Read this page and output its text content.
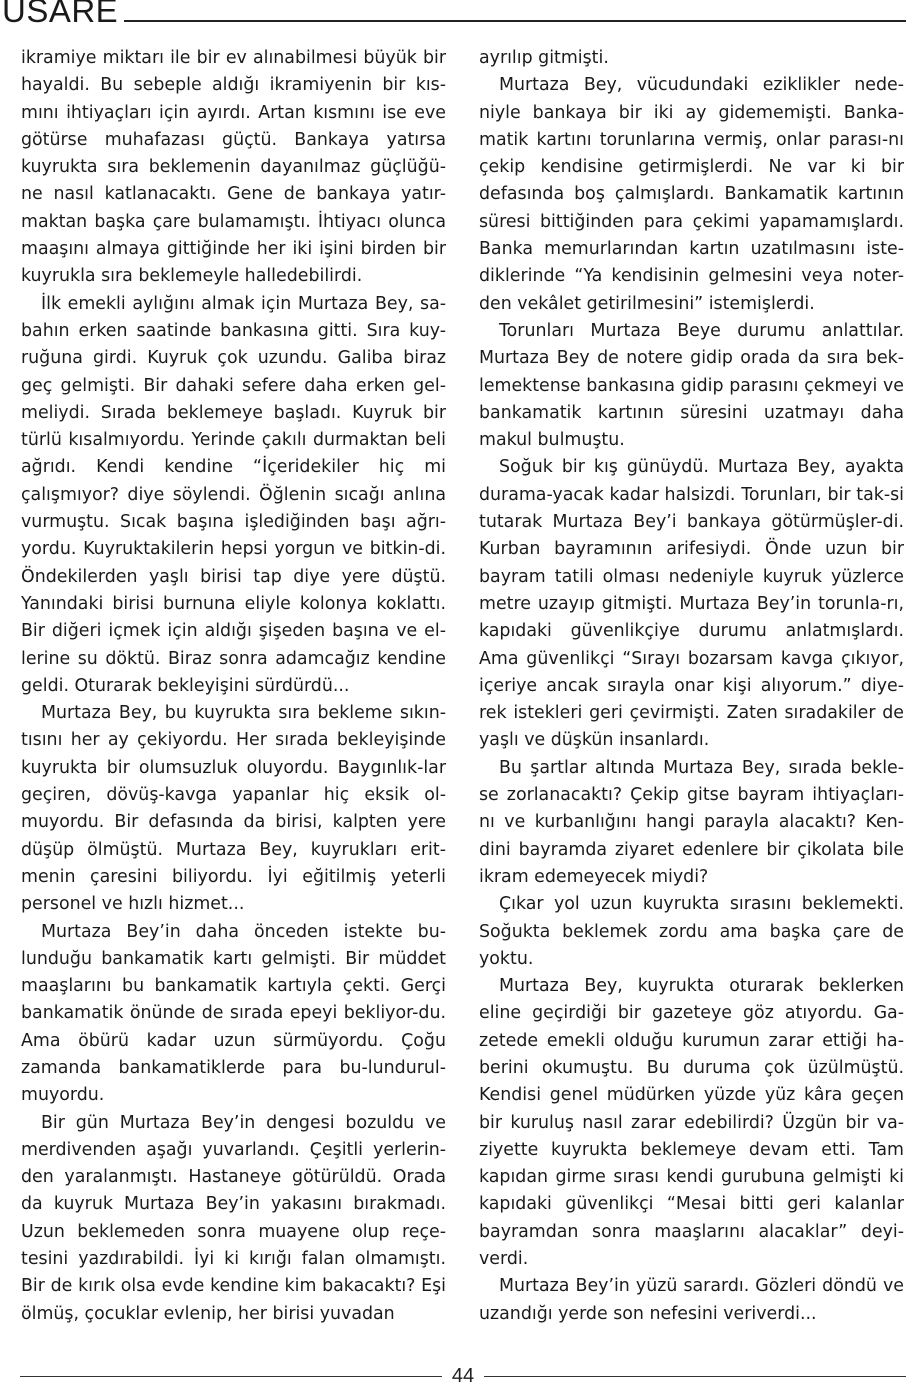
USARE

ikramiye miktarı ile bir ev alınabilmesi büyük bir hayaldi. Bu sebeple aldığı ikramiyenin bir kıs-mını ihtiyaçları için ayırdı. Artan kısmını ise eve götürse muhafazası güçtü. Bankaya yatırsa kuyrukta sıra beklemenin dayanılmaz güçlüğü-ne nasıl katlanacaktı. Gene de bankaya yatır-maktan başka çare bulamamıştı. İhtiyacı olunca maaşını almaya gittiğinde her iki işini birden bir kuyrukla sıra beklemeyle halledebilirdi.

İlk emekli aylığını almak için Murtaza Bey, sa-bahın erken saatinde bankasına gitti. Sıra kuy-ruğuna girdi. Kuyruk çok uzundu. Galiba biraz geç gelmişti. Bir dahaki sefere daha erken gel-meliydi. Sırada beklemeye başladı. Kuyruk bir türlü kısalmıyordu. Yerinde çakılı durmaktan beli ağrıdı. Kendi kendine “İçeridekiler hiç mi çalışmıyor? diye söylendi. Öğlenin sıcağı anlına vurmuştu. Sıcak başına işlediğinden başı ağrı-yordu. Kuyruktakilerin hepsi yorgun ve bitkin-di. Öndekilerden yaşlı birisi tap diye yere düştü. Yanındaki birisi burnuna eliyle kolonya koklattı. Bir diğeri içmek için aldığı şişeden başına ve el-lerine su döktü. Biraz sonra adamcağız kendine geldi. Oturarak bekleyişini sürdürdü...

Murtaza Bey, bu kuyrukta sıra bekleme sıkın-tısını her ay çekiyordu. Her sırada bekleyişinde kuyrukta bir olumsuzluk oluyordu. Baygınlık-lar geçiren, dövüş-kavga yapanlar hiç eksik ol-muyordu. Bir defasında da birisi, kalpten yere düşüp ölmüştü. Murtaza Bey, kuyrukları erit-menin çaresini biliyordu. İyi eğitilmiş yeterli personel ve hızlı hizmet...

Murtaza Bey’in daha önceden istekte bu-lunduğu bankamatik kartı gelmişti. Bir müddet maaşlarını bu bankamatik kartıyla çekti. Gerçi bankamatik önünde de sırada epeyi bekliyor-du. Ama öbürü kadar uzun sürmüyordu. Çoğu zamanda bankamatiklerde para bu-lundurul-muyordu.

Bir gün Murtaza Bey’in dengesi bozuldu ve merdivenden aşağı yuvarlandı. Çeşitli yerlerin-den yaralanmıştı. Hastaneye götürüldü. Orada da kuyruk Murtaza Bey’in yakasını bırakmadı. Uzun beklemeden sonra muayene olup reçe-tesini yazdırabildi. İyi ki kırığı falan olmamıştı. Bir de kırık olsa evde kendine kim bakacaktı? Eşi ölmüş, çocuklar evlenip, her birisi yuvadan

ayrılıp gitmişti.

Murtaza Bey, vücudundaki eziklikler nede-niyle bankaya bir iki ay gidememişti. Banka-matik kartını torunlarına vermiş, onlar parası-nı çekip kendisine getirmişlerdi. Ne var ki bir defasında boş çalmışlardı. Bankamatik kartının süresi bittiğinden para çekimi yapamamışlardı. Banka memurlarından kartın uzatılmasını iste-diklerinde “Ya kendisinin gelmesini veya noter-den vekâlet getirilmesini” istemişlerdi.

Torunları Murtaza Beye durumu anlattılar. Murtaza Bey de notere gidip orada da sıra bek-lemektense bankasına gidip parasını çekmeyi ve bankamatik kartının süresini uzatmayı daha makul bulmuştu.

Soğuk bir kış günüydü. Murtaza Bey, ayakta durama-yacak kadar halsizdi. Torunları, bir tak-si tutarak Murtaza Bey’i bankaya götürmüşler-di. Kurban bayramının arifesiydi. Önde uzun bir bayram tatili olması nedeniyle kuyruk yüzlerce metre uzayıp gitmişti. Murtaza Bey’in torunla-rı, kapıdaki güvenlikçiye durumu anlatmışlardı. Ama güvenlikçi “Sırayı bozarsam kavga çıkıyor, içeriye ancak sırayla onar kişi alıyorum.” diye-rek istekleri geri çevirmişti. Zaten sıradakiler de yaşlı ve düşkün insanlardı.

Bu şartlar altında Murtaza Bey, sırada bekle-se zorlanacaktı? Çekip gitse bayram ihtiyaçları-nı ve kurbanlığını hangi parayla alacaktı? Ken-dini bayramda ziyaret edenlere bir çikolata bile ikram edemeyecek miydi?

Çıkar yol uzun kuyrukta sırasını beklemekti. Soğukta beklemek zordu ama başka çare de yoktu.

Murtaza Bey, kuyrukta oturarak beklerken eline geçirdiği bir gazeteye göz atıyordu. Ga-zetede emekli olduğu kurumun zarar ettiği ha-berini okumuştu. Bu duruma çok üzülmüştü. Kendisi genel müdürken yüzde yüz kâra geçen bir kuruluş nasıl zarar edebilirdi? Üzgün bir va-ziyette kuyrukta beklemeye devam etti. Tam kapıdan girme sırası kendi gurubuna gelmişti ki kapıdaki güvenlikçi “Mesai bitti geri kalanlar bayramdan sonra maaşlarını alacaklar” deyi-verdi.

Murtaza Bey’in yüzü sarardı. Gözleri döndü ve uzandığı yerde son nefesini veriverdi...

44
